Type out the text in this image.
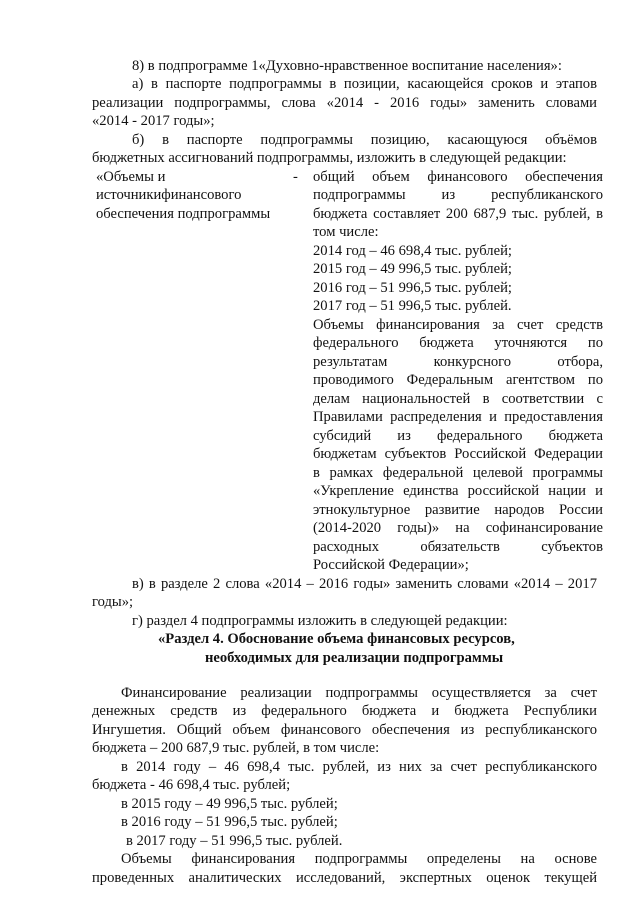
8) в подпрограмме 1«Духовно-нравственное воспитание населения»:
а) в паспорте подпрограммы в позиции, касающейся сроков и этапов
реализации подпрограммы, слова «2014 - 2016 годы» заменить словами
«2014 - 2017 годы»;
б) в паспорте подпрограммы позицию, касающуюся объёмов
бюджетных ассигнований подпрограммы, изложить в следующей редакции:
«Объемы и
источникифинансового
обеспечения подпрограммы
- общий объем финансового обеспечения
подпрограммы из республиканского
бюджета составляет 200 687,9 тыс. рублей, в
том числе:
2014 год – 46 698,4 тыс. рублей;
2015 год – 49 996,5 тыс. рублей;
2016 год – 51 996,5 тыс. рублей;
2017 год – 51 996,5 тыс. рублей.
Объемы финансирования за счет средств
федерального бюджета уточняются по
результатам конкурсного отбора,
проводимого Федеральным агентством по
делам национальностей в соответствии с
Правилами распределения и предоставления
субсидий из федерального бюджета
бюджетам субъектов Российской Федерации
в рамках федеральной целевой программы
«Укрепление единства российской нации и
этнокультурное развитие народов России
(2014-2020 годы)» на софинансирование
расходных обязательств субъектов
Российской Федерации»;
в) в разделе 2 слова «2014 – 2016 годы» заменить словами «2014 – 2017
годы»;
г) раздел 4 подпрограммы изложить в следующей редакции:
«Раздел 4. Обоснование объема финансовых ресурсов,
необходимых для реализации подпрограммы
Финансирование реализации подпрограммы осуществляется за счет
денежных средств из федерального бюджета и бюджета Республики
Ингушетия. Общий объем финансового обеспечения из республиканского
бюджета – 200 687,9 тыс. рублей, в том числе:
в 2014 году – 46 698,4 тыс. рублей, из них за счет республиканского
бюджета - 46 698,4 тыс. рублей;
в 2015 году – 49 996,5 тыс. рублей;
в 2016 году – 51 996,5 тыс. рублей;
в 2017 году – 51 996,5 тыс. рублей.
Объемы финансирования подпрограммы определены на основе
проведенных аналитических исследований, экспертных оценок текущей
